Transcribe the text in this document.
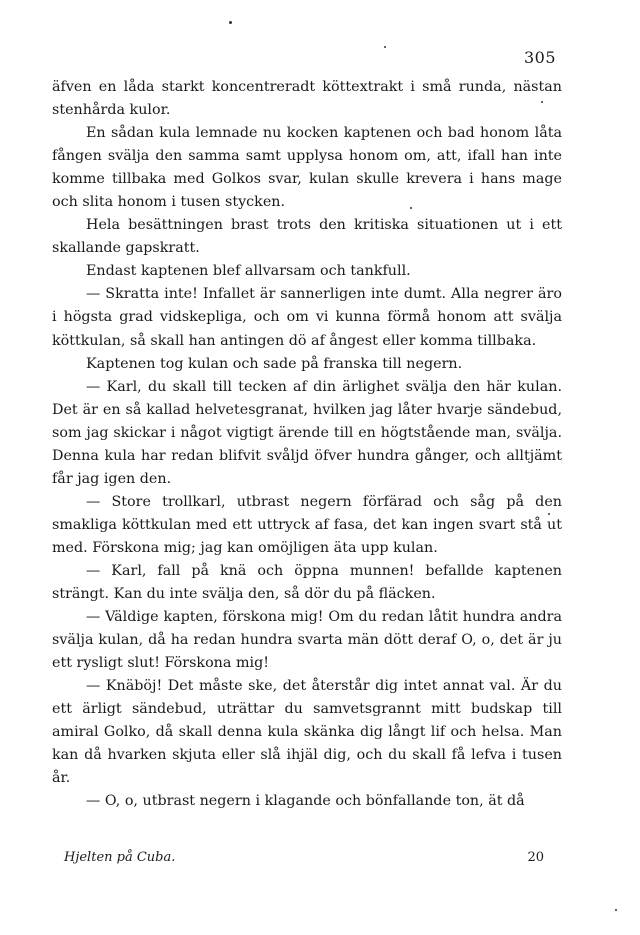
305

äfven en låda starkt koncentreradt köttextrakt i små runda, nästan stenhårda kulor.

En sådan kula lemnade nu kocken kaptenen och bad honom låta fången svälja den samma samt upplysa honom om, att, ifall han inte komme tillbaka med Golkos svar, kulan skulle krevera i hans mage och slita honom i tusen stycken.

Hela besättningen brast trots den kritiska situationen ut i ett skallande gapskratt.

Endast kaptenen blef allvarsam och tankfull.

— Skratta inte! Infallet är sannerligen inte dumt. Alla negrer äro i högsta grad vidskepliga, och om vi kunna förmå honom att svälja köttkulan, så skall han antingen dö af ångest eller komma tillbaka.

Kaptenen tog kulan och sade på franska till negern.

— Karl, du skall till tecken af din ärlighet svälja den här kulan. Det är en så kallad helvetesgranat, hvilken jag låter hvarje sändebud, som jag skickar i något vigtigt ärende till en högtstående man, svälja. Denna kula har redan blifvit svåljd öfver hundra gånger, och alltjämt får jag igen den.

— Store trollkarl, utbrast negern förfärad och såg på den smakliga köttkulan med ett uttryck af fasa, det kan ingen svart stå ut med. Förskona mig; jag kan omöjligen äta upp kulan.

— Karl, fall på knä och öppna munnen! befallde kaptenen strängt. Kan du inte svälja den, så dör du på fläcken.

— Väldige kapten, förskona mig! Om du redan låtit hundra andra svälja kulan, då ha redan hundra svarta män dött deraf O, o, det är ju ett rysligt slut! Förskona mig!

— Knäböj! Det måste ske, det återstår dig intet annat val. Är du ett ärligt sändebud, uträttar du samvetsgrannt mitt budskap till amiral Golko, då skall denna kula skänka dig långt lif och helsa. Man kan då hvarken skjuta eller slå ihjäl dig, och du skall få lefva i tusen år.

— O, o, utbrast negern i klagande och bönfallande ton, ät då

Hjelten på Cuba.	20
